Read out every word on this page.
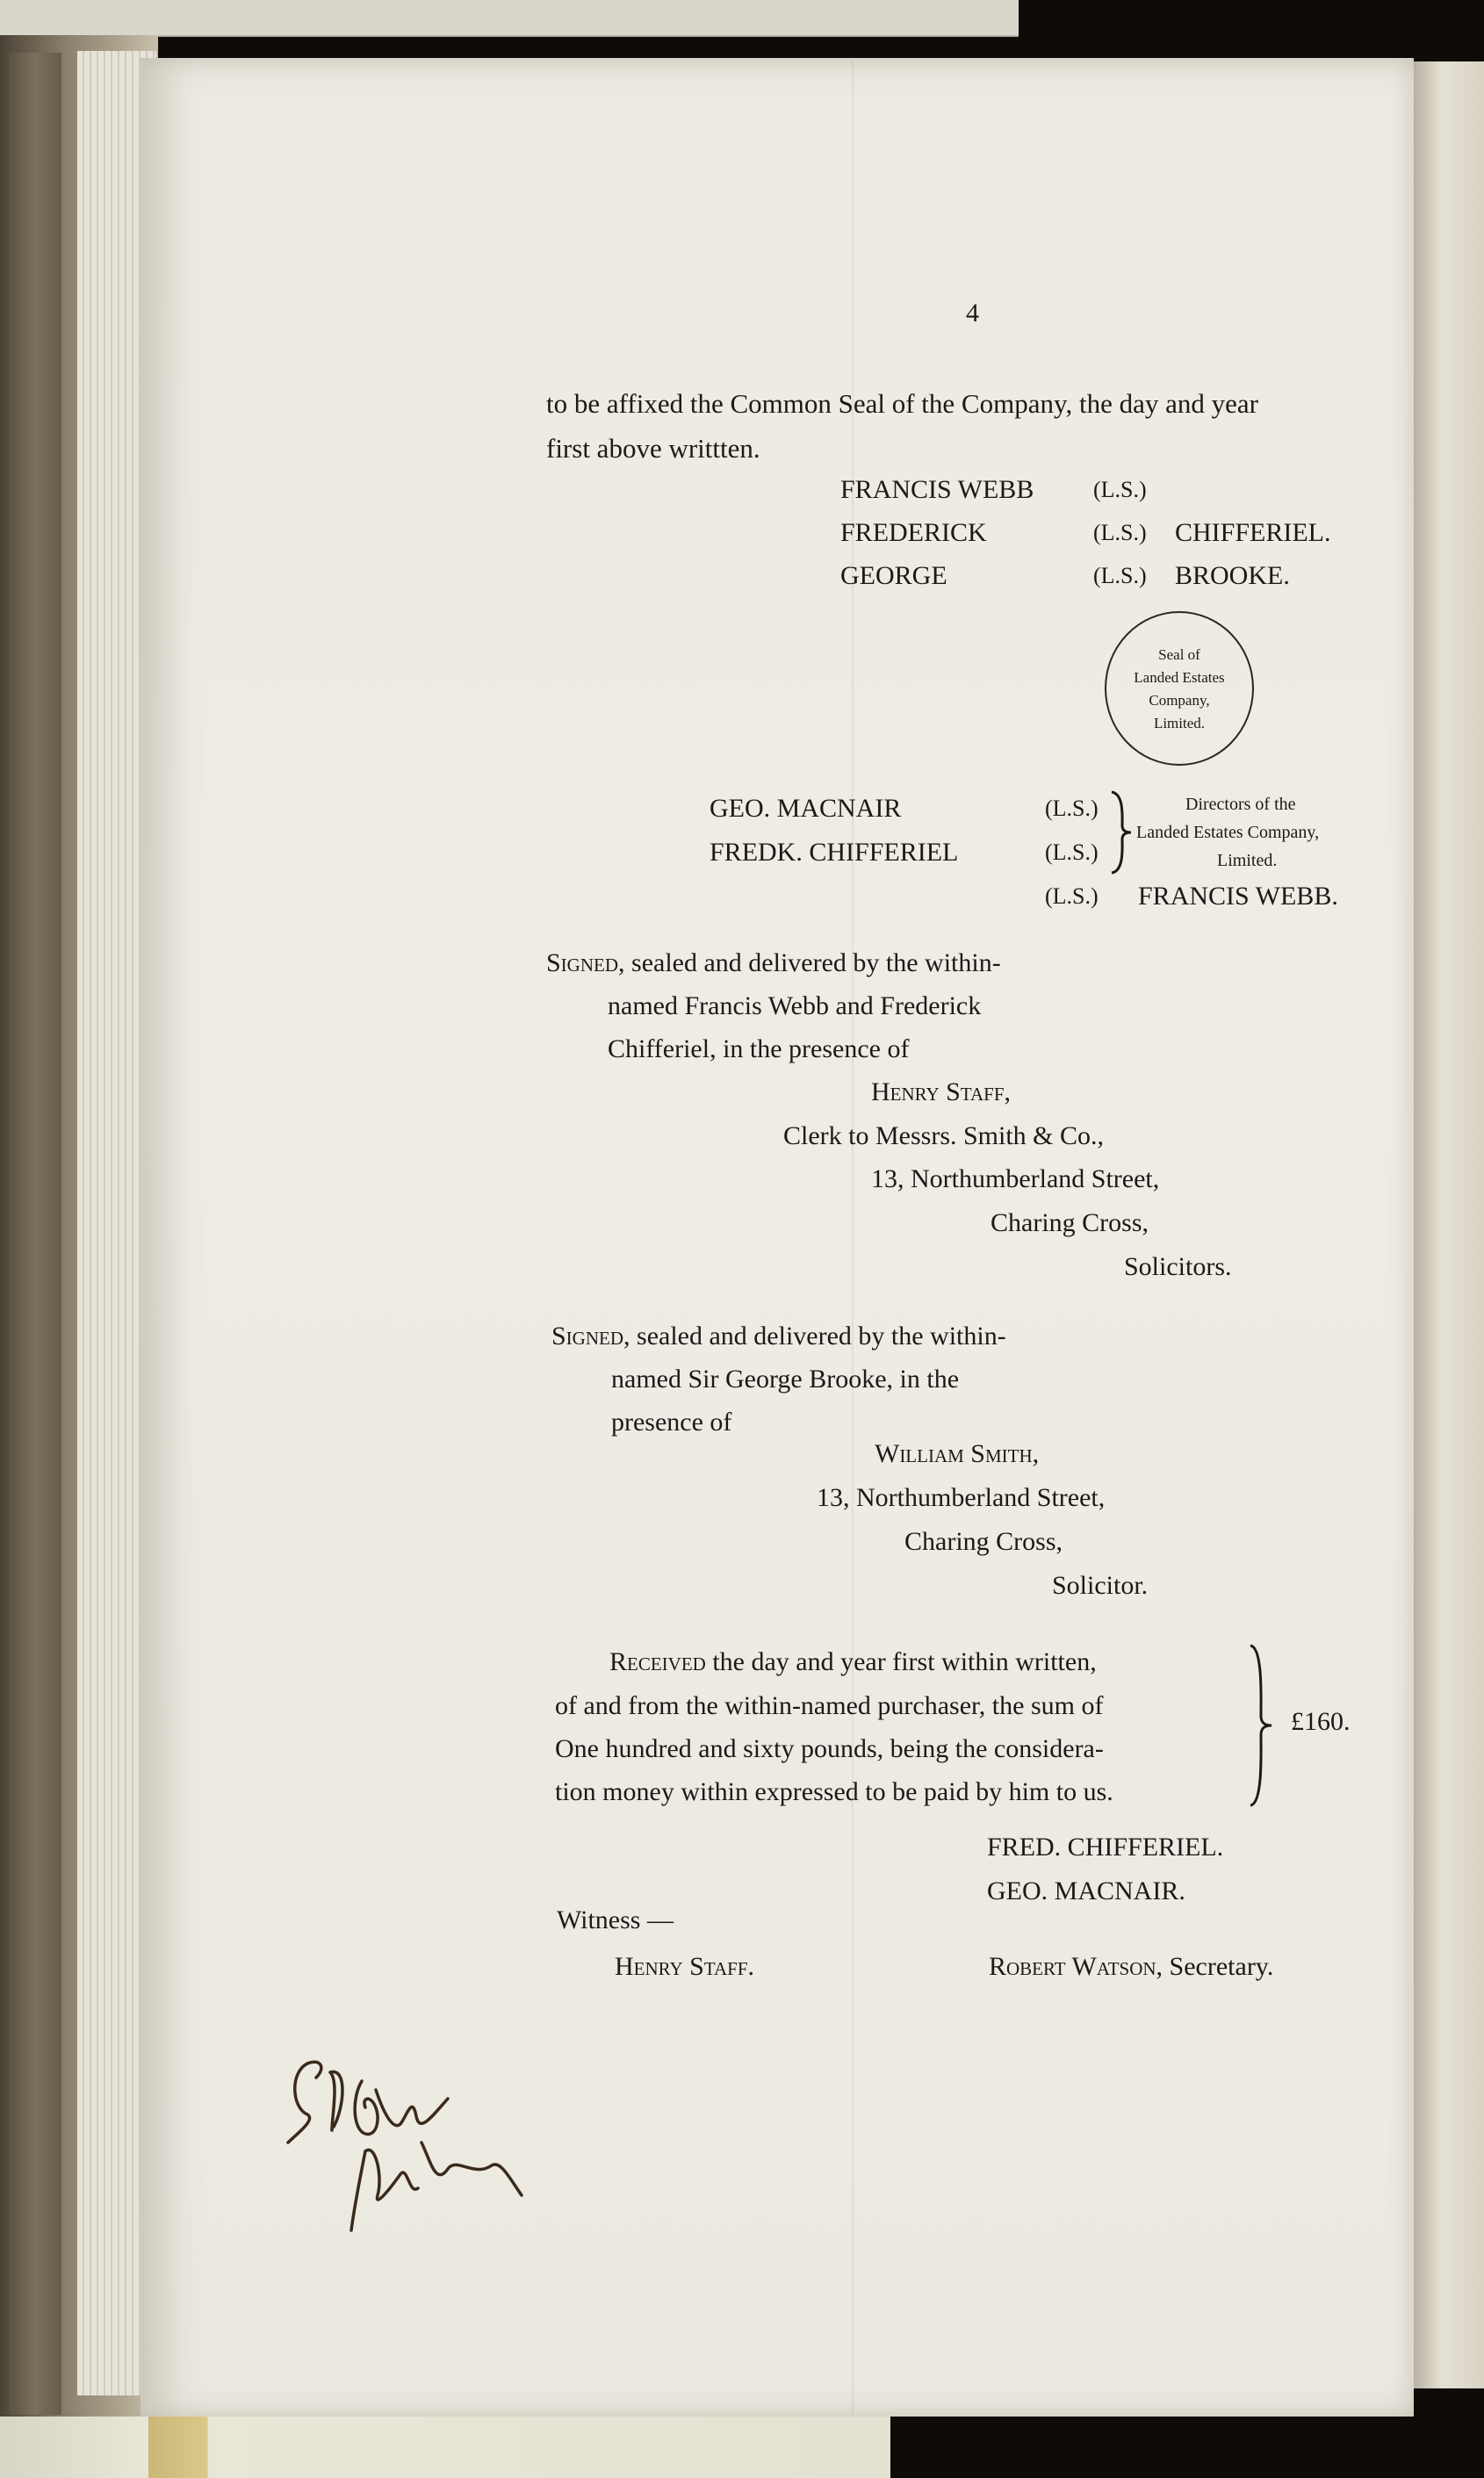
4
to be affixed the Common Seal of the Company, the day and year
first above writtten.
FRANCIS WEBB	(L.S.)
FREDERICK	(L.S.) CHIFFERIEL.
GEORGE	(L.S.) BROOKE.
Seal of
Landed Estates
Company,
Limited.
GEO. MACNAIR	(L.S.)
FREDK. CHIFFERIEL	(L.S.)
Directors of the
Landed Estates Company,
Limited.
(L.S.) FRANCIS WEBB.
Signed, sealed and delivered by the within-
named Francis Webb and Frederick
Chifferiel, in the presence of
Henry Staff,
Clerk to Messrs. Smith & Co.,
13, Northumberland Street,
Charing Cross,
Solicitors.
Signed, sealed and delivered by the within-
named Sir George Brooke, in the
presence of
William Smith,
13, Northumberland Street,
Charing Cross,
Solicitor.
Received the day and year first within written,
of and from the within-named purchaser, the sum of
One hundred and sixty pounds, being the considera-
tion money within expressed to be paid by him to us.
£160.
FRED. CHIFFERIEL.
GEO. MACNAIR.
Witness —
Henry Staff.	Robert Watson, Secretary.
